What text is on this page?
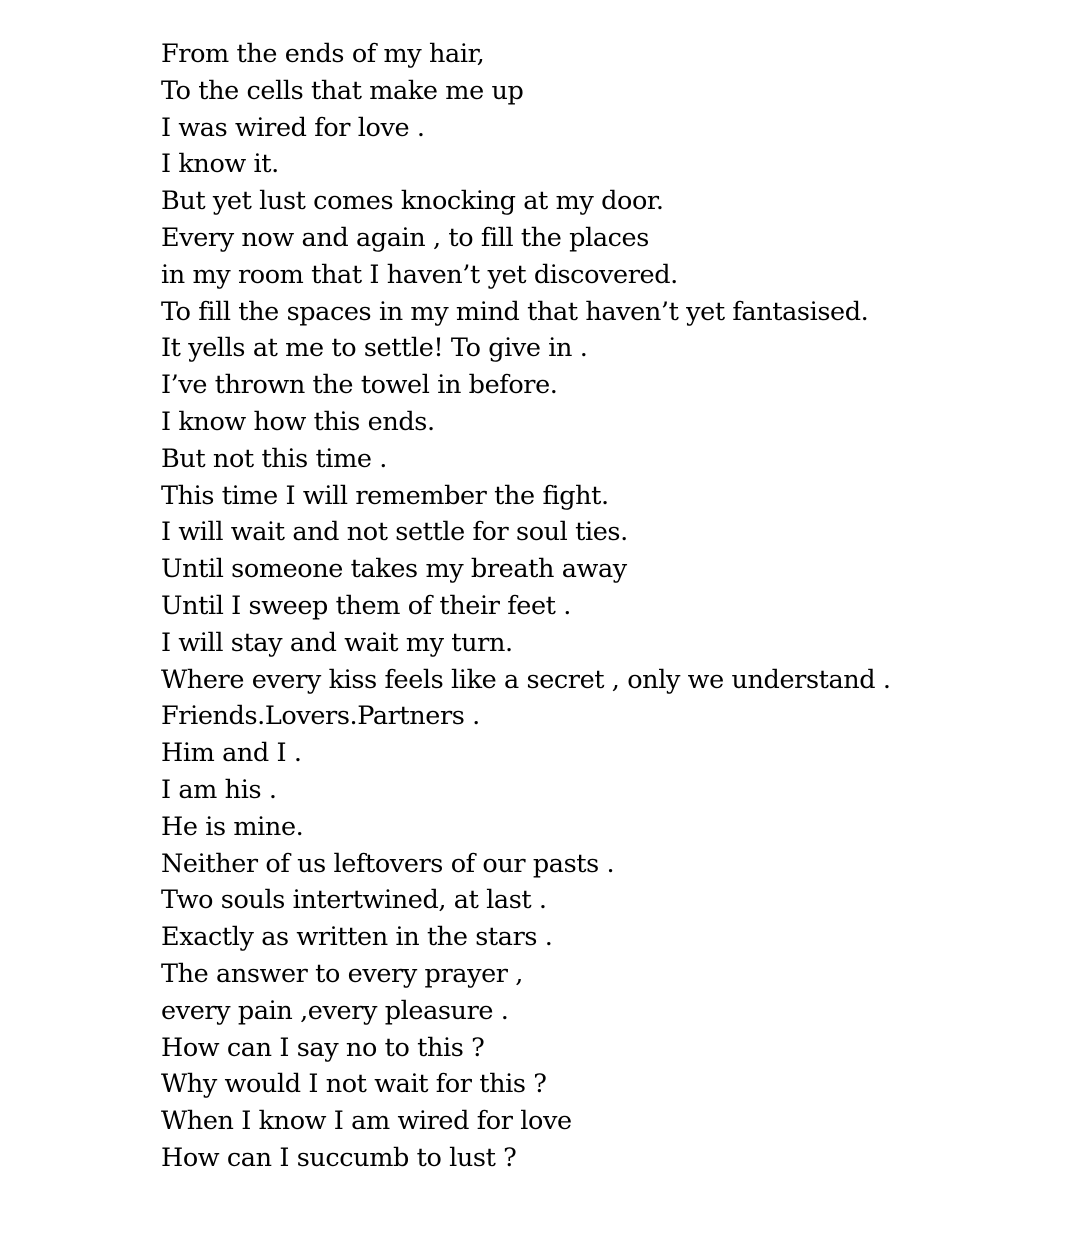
From the ends of my hair,
To the cells that make me up
I was wired for love .
I know it.
But yet lust comes knocking at my door.
Every now and again , to fill the places
in my room that I haven’t yet discovered.
To fill the spaces in my mind that haven’t yet fantasised.
It yells at me to settle! To give in .
I’ve thrown the towel in before.
I know how this ends.
But not this time .
This time I will remember the fight.
I will wait and not settle for soul ties.
Until someone takes my breath away
Until I sweep them of their feet .
I will stay and wait my turn.
Where every kiss feels like a secret , only we understand .
Friends.Lovers.Partners .
Him and I .
I am his .
He is mine.
Neither of us leftovers of our pasts .
Two souls intertwined, at last .
Exactly as written in the stars .
The answer to every prayer ,
every pain ,every pleasure .
How can I say no to this ?
Why would I not wait for this ?
When I know I am wired for love
How can I succumb to lust ?
